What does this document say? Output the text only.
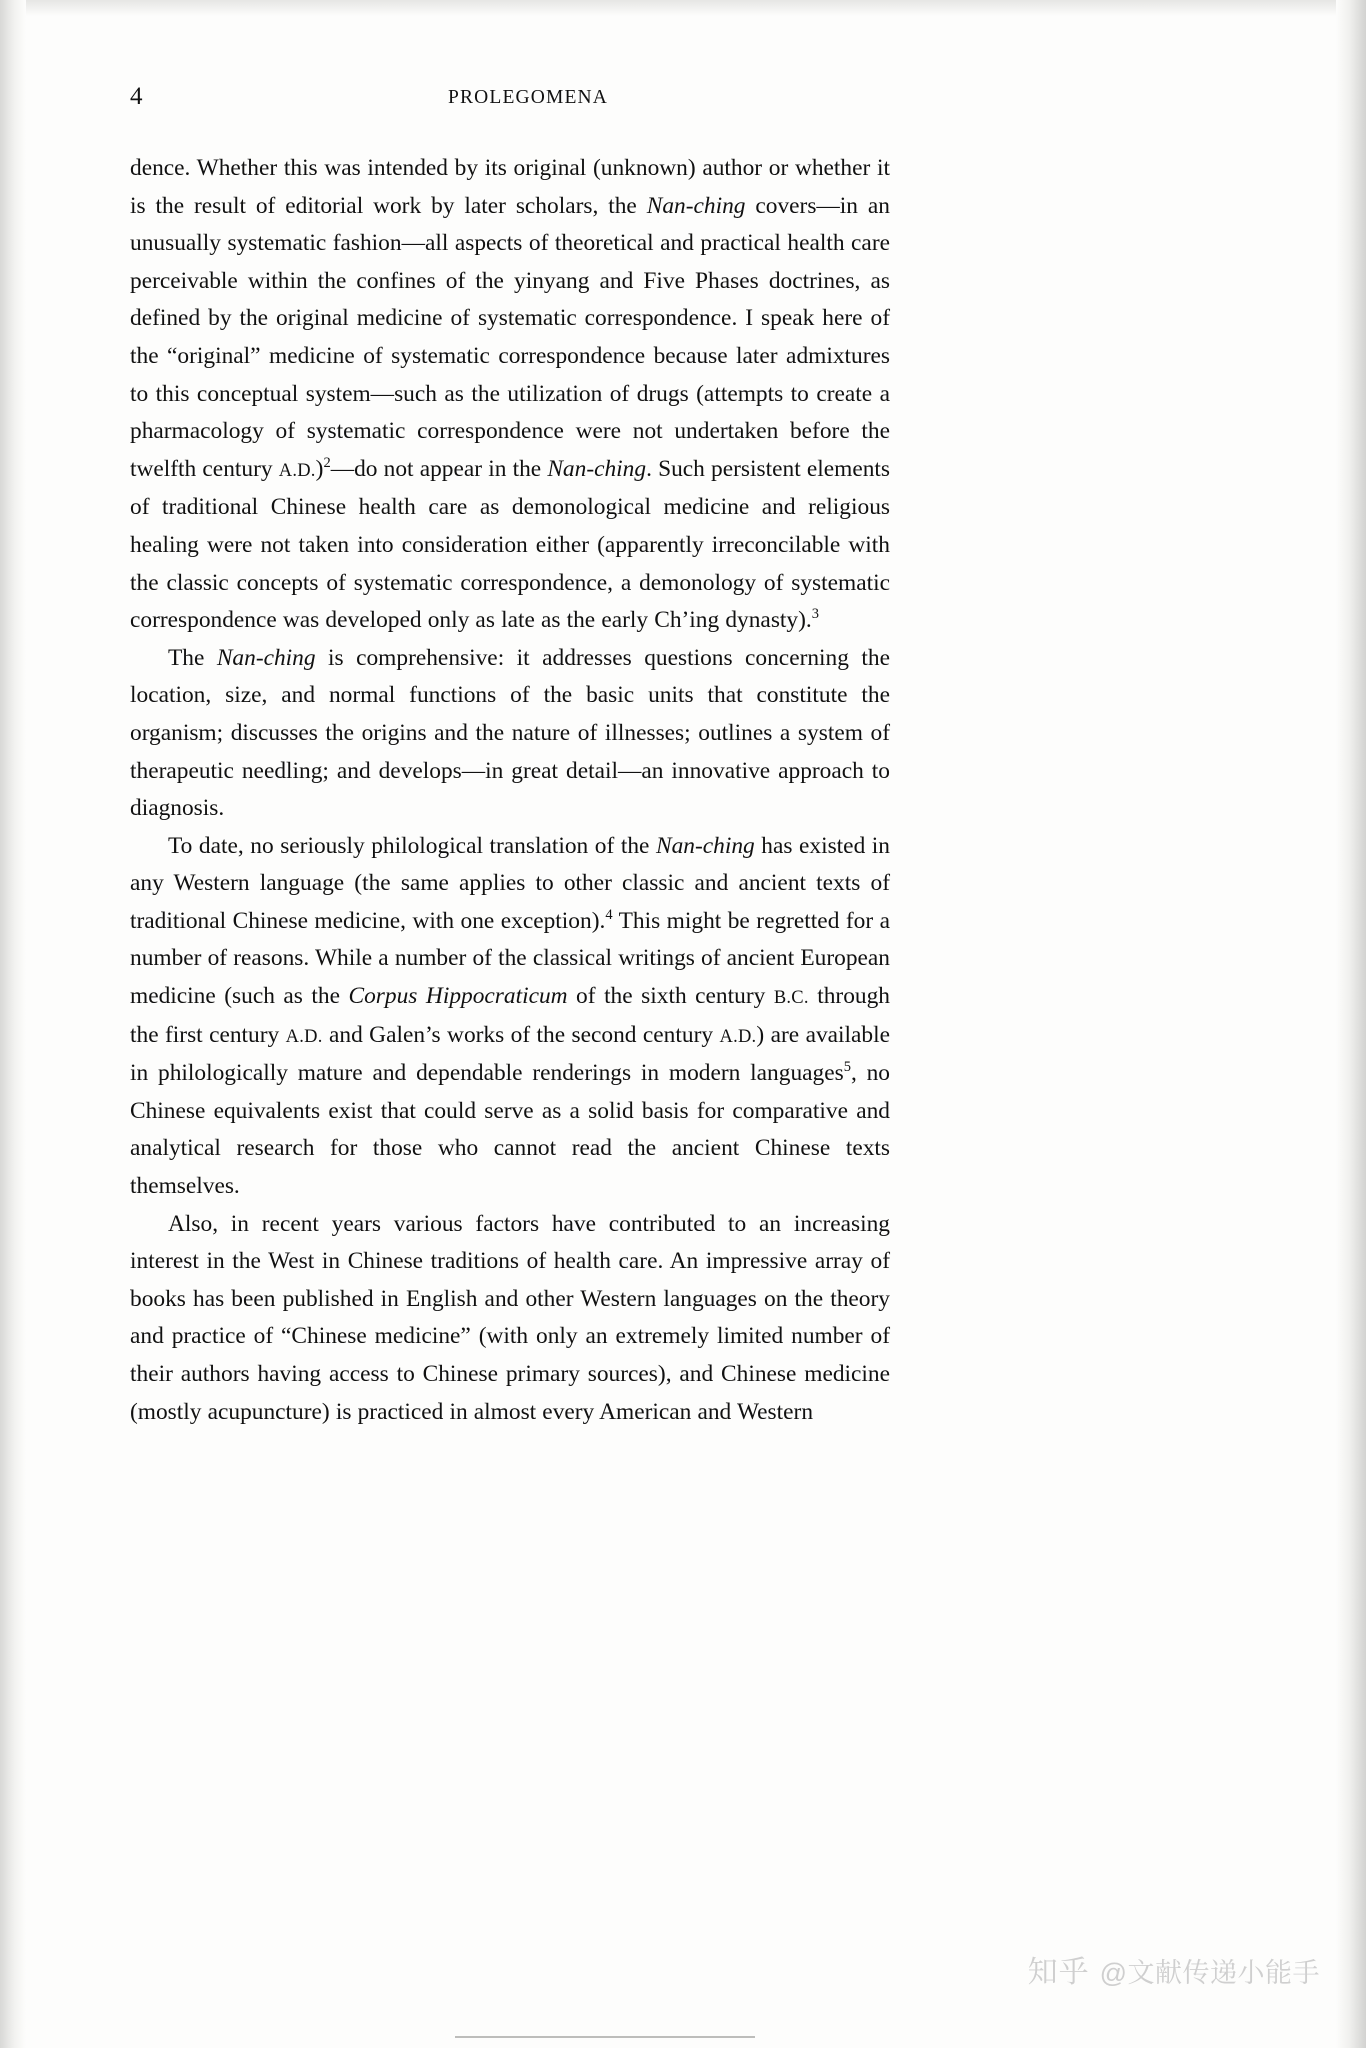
4	PROLEGOMENA

dence. Whether this was intended by its original (unknown) author or whether it is the result of editorial work by later scholars, the Nan-ching covers—in an unusually systematic fashion—all aspects of theoretical and practical health care perceivable within the confines of the yinyang and Five Phases doctrines, as defined by the original medicine of systematic correspondence. I speak here of the “original” medicine of systematic correspondence because later admixtures to this conceptual system—such as the utilization of drugs (attempts to create a pharmacology of systematic correspondence were not undertaken before the twelfth century A.D.)$^2$—do not appear in the Nan-ching. Such persistent elements of traditional Chinese health care as demonological medicine and religious healing were not taken into consideration either (apparently irreconcilable with the classic concepts of systematic correspondence, a demonology of systematic correspondence was developed only as late as the early Ch’ing dynasty).$^3$

The Nan-ching is comprehensive: it addresses questions concerning the location, size, and normal functions of the basic units that constitute the organism; discusses the origins and the nature of illnesses; outlines a system of therapeutic needling; and develops—in great detail—an innovative approach to diagnosis.

To date, no seriously philological translation of the Nan-ching has existed in any Western language (the same applies to other classic and ancient texts of traditional Chinese medicine, with one exception).$^4$ This might be regretted for a number of reasons. While a number of the classical writings of ancient European medicine (such as the Corpus Hippocraticum of the sixth century B.C. through the first century A.D. and Galen’s works of the second century A.D.) are available in philologically mature and dependable renderings in modern languages$^5$, no Chinese equivalents exist that could serve as a solid basis for comparative and analytical research for those who cannot read the ancient Chinese texts themselves.

Also, in recent years various factors have contributed to an increasing interest in the West in Chinese traditions of health care. An impressive array of books has been published in English and other Western languages on the theory and practice of “Chinese medicine” (with only an extremely limited number of their authors having access to Chinese primary sources), and Chinese medicine (mostly acupuncture) is practiced in almost every American and Western

知乎 @文献传递小能手
